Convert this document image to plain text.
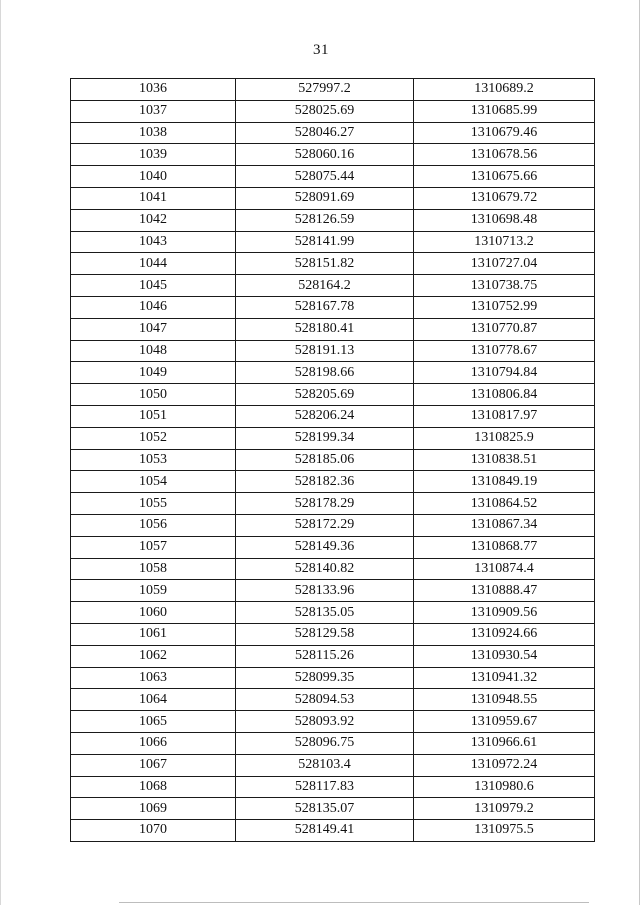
31
1036	527997.2	1310689.2
1037	528025.69	1310685.99
1038	528046.27	1310679.46
1039	528060.16	1310678.56
1040	528075.44	1310675.66
1041	528091.69	1310679.72
1042	528126.59	1310698.48
1043	528141.99	1310713.2
1044	528151.82	1310727.04
1045	528164.2	1310738.75
1046	528167.78	1310752.99
1047	528180.41	1310770.87
1048	528191.13	1310778.67
1049	528198.66	1310794.84
1050	528205.69	1310806.84
1051	528206.24	1310817.97
1052	528199.34	1310825.9
1053	528185.06	1310838.51
1054	528182.36	1310849.19
1055	528178.29	1310864.52
1056	528172.29	1310867.34
1057	528149.36	1310868.77
1058	528140.82	1310874.4
1059	528133.96	1310888.47
1060	528135.05	1310909.56
1061	528129.58	1310924.66
1062	528115.26	1310930.54
1063	528099.35	1310941.32
1064	528094.53	1310948.55
1065	528093.92	1310959.67
1066	528096.75	1310966.61
1067	528103.4	1310972.24
1068	528117.83	1310980.6
1069	528135.07	1310979.2
1070	528149.41	1310975.5
